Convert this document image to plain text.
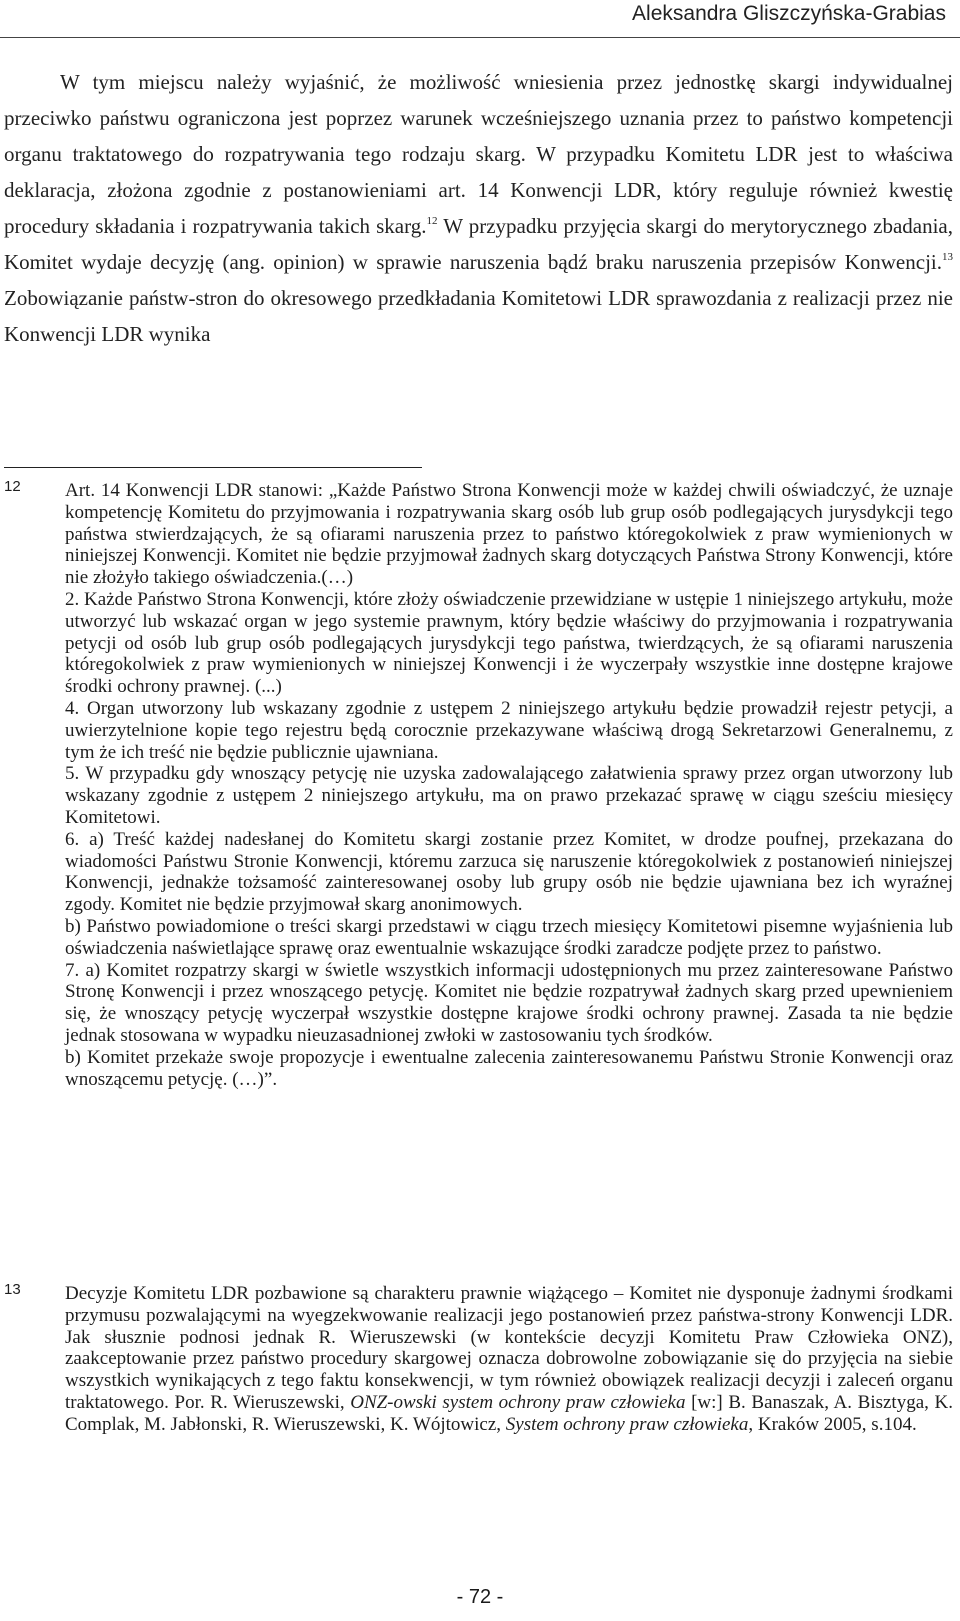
Aleksandra Gliszczyńska-Grabias

W tym miejscu należy wyjaśnić, że możliwość wniesienia przez jednostkę skargi indywidualnej przeciwko państwu ograniczona jest poprzez warunek wcześniejszego uznania przez to państwo kompetencji organu traktatowego do rozpatrywania tego rodzaju skarg. W przypadku Komitetu LDR jest to właściwa deklaracja, złożona zgodnie z postanowieniami art. 14 Konwencji LDR, który reguluje również kwestię procedury składania i rozpatrywania takich skarg.$^{12}$ W przypadku przyjęcia skargi do merytorycznego zbadania, Komitet wydaje decyzję (ang. opinion) w sprawie naruszenia bądź braku naruszenia przepisów Konwencji.$^{13}$ Zobowiązanie państw-stron do okresowego przedkładania Komitetowi LDR sprawozdania z realizacji przez nie Konwencji LDR wynika

12 Art. 14 Konwencji LDR stanowi: „Każde Państwo Strona Konwencji może w każdej chwili oświadczyć, że uznaje kompetencję Komitetu do przyjmowania i rozpatrywania skarg osób lub grup osób podlegających jurysdykcji tego państwa stwierdzających, że są ofiarami naruszenia przez to państwo któregokolwiek z praw wymienionych w niniejszej Konwencji. Komitet nie będzie przyjmował żadnych skarg dotyczących Państwa Strony Konwencji, które nie złożyło takiego oświadczenia.(…)

2. Każde Państwo Strona Konwencji, które złoży oświadczenie przewidziane w ustępie 1 niniejszego artykułu, może utworzyć lub wskazać organ w jego systemie prawnym, który będzie właściwy do przyjmowania i rozpatrywania petycji od osób lub grup osób podlegających jurysdykcji tego państwa, twierdzących, że są ofiarami naruszenia któregokolwiek z praw wymienionych w niniejszej Konwencji i że wyczerpały wszystkie inne dostępne krajowe środki ochrony prawnej. (...)

4. Organ utworzony lub wskazany zgodnie z ustępem 2 niniejszego artykułu będzie prowadził rejestr petycji, a uwierzytelnione kopie tego rejestru będą corocznie przekazywane właściwą drogą Sekretarzowi Generalnemu, z tym że ich treść nie będzie publicznie ujawniana.

5. W przypadku gdy wnoszący petycję nie uzyska zadowalającego załatwienia sprawy przez organ utworzony lub wskazany zgodnie z ustępem 2 niniejszego artykułu, ma on prawo przekazać sprawę w ciągu sześciu miesięcy Komitetowi.

6. a) Treść każdej nadesłanej do Komitetu skargi zostanie przez Komitet, w drodze poufnej, przekazana do wiadomości Państwu Stronie Konwencji, któremu zarzuca się naruszenie któregokolwiek z postanowień niniejszej Konwencji, jednakże tożsamość zainteresowanej osoby lub grupy osób nie będzie ujawniana bez ich wyraźnej zgody. Komitet nie będzie przyjmował skarg anonimowych.

b) Państwo powiadomione o treści skargi przedstawi w ciągu trzech miesięcy Komitetowi pisemne wyjaśnienia lub oświadczenia naświetlające sprawę oraz ewentualnie wskazujące środki zaradcze podjęte przez to państwo.

7. a) Komitet rozpatrzy skargi w świetle wszystkich informacji udostępnionych mu przez zainteresowane Państwo Stronę Konwencji i przez wnoszącego petycję. Komitet nie będzie rozpatrywał żadnych skarg przed upewnieniem się, że wnoszący petycję wyczerpał wszystkie dostępne krajowe środki ochrony prawnej. Zasada ta nie będzie jednak stosowana w wypadku nieuzasadnionej zwłoki w zastosowaniu tych środków.

b) Komitet przekaże swoje propozycje i ewentualne zalecenia zainteresowanemu Państwu Stronie Konwencji oraz wnoszącemu petycję. (…)”.

13 Decyzje Komitetu LDR pozbawione są charakteru prawnie wiążącego – Komitet nie dysponuje żadnymi środkami przymusu pozwalającymi na wyegzekwowanie realizacji jego postanowień przez państwa-strony Konwencji LDR. Jak słusznie podnosi jednak R. Wieruszewski (w kontekście decyzji Komitetu Praw Człowieka ONZ), zaakceptowanie przez państwo procedury skargowej oznacza dobrowolne zobowiązanie się do przyjęcia na siebie wszystkich wynikających z tego faktu konsekwencji, w tym również obowiązek realizacji decyzji i zaleceń organu traktatowego. Por. R. Wieruszewski, ONZ-owski system ochrony praw człowieka [w:] B. Banaszak, A. Bisztyga, K. Complak, M. Jabłonski, R. Wieruszewski, K. Wójtowicz, System ochrony praw człowieka, Kraków 2005, s.104.

- 72 -
